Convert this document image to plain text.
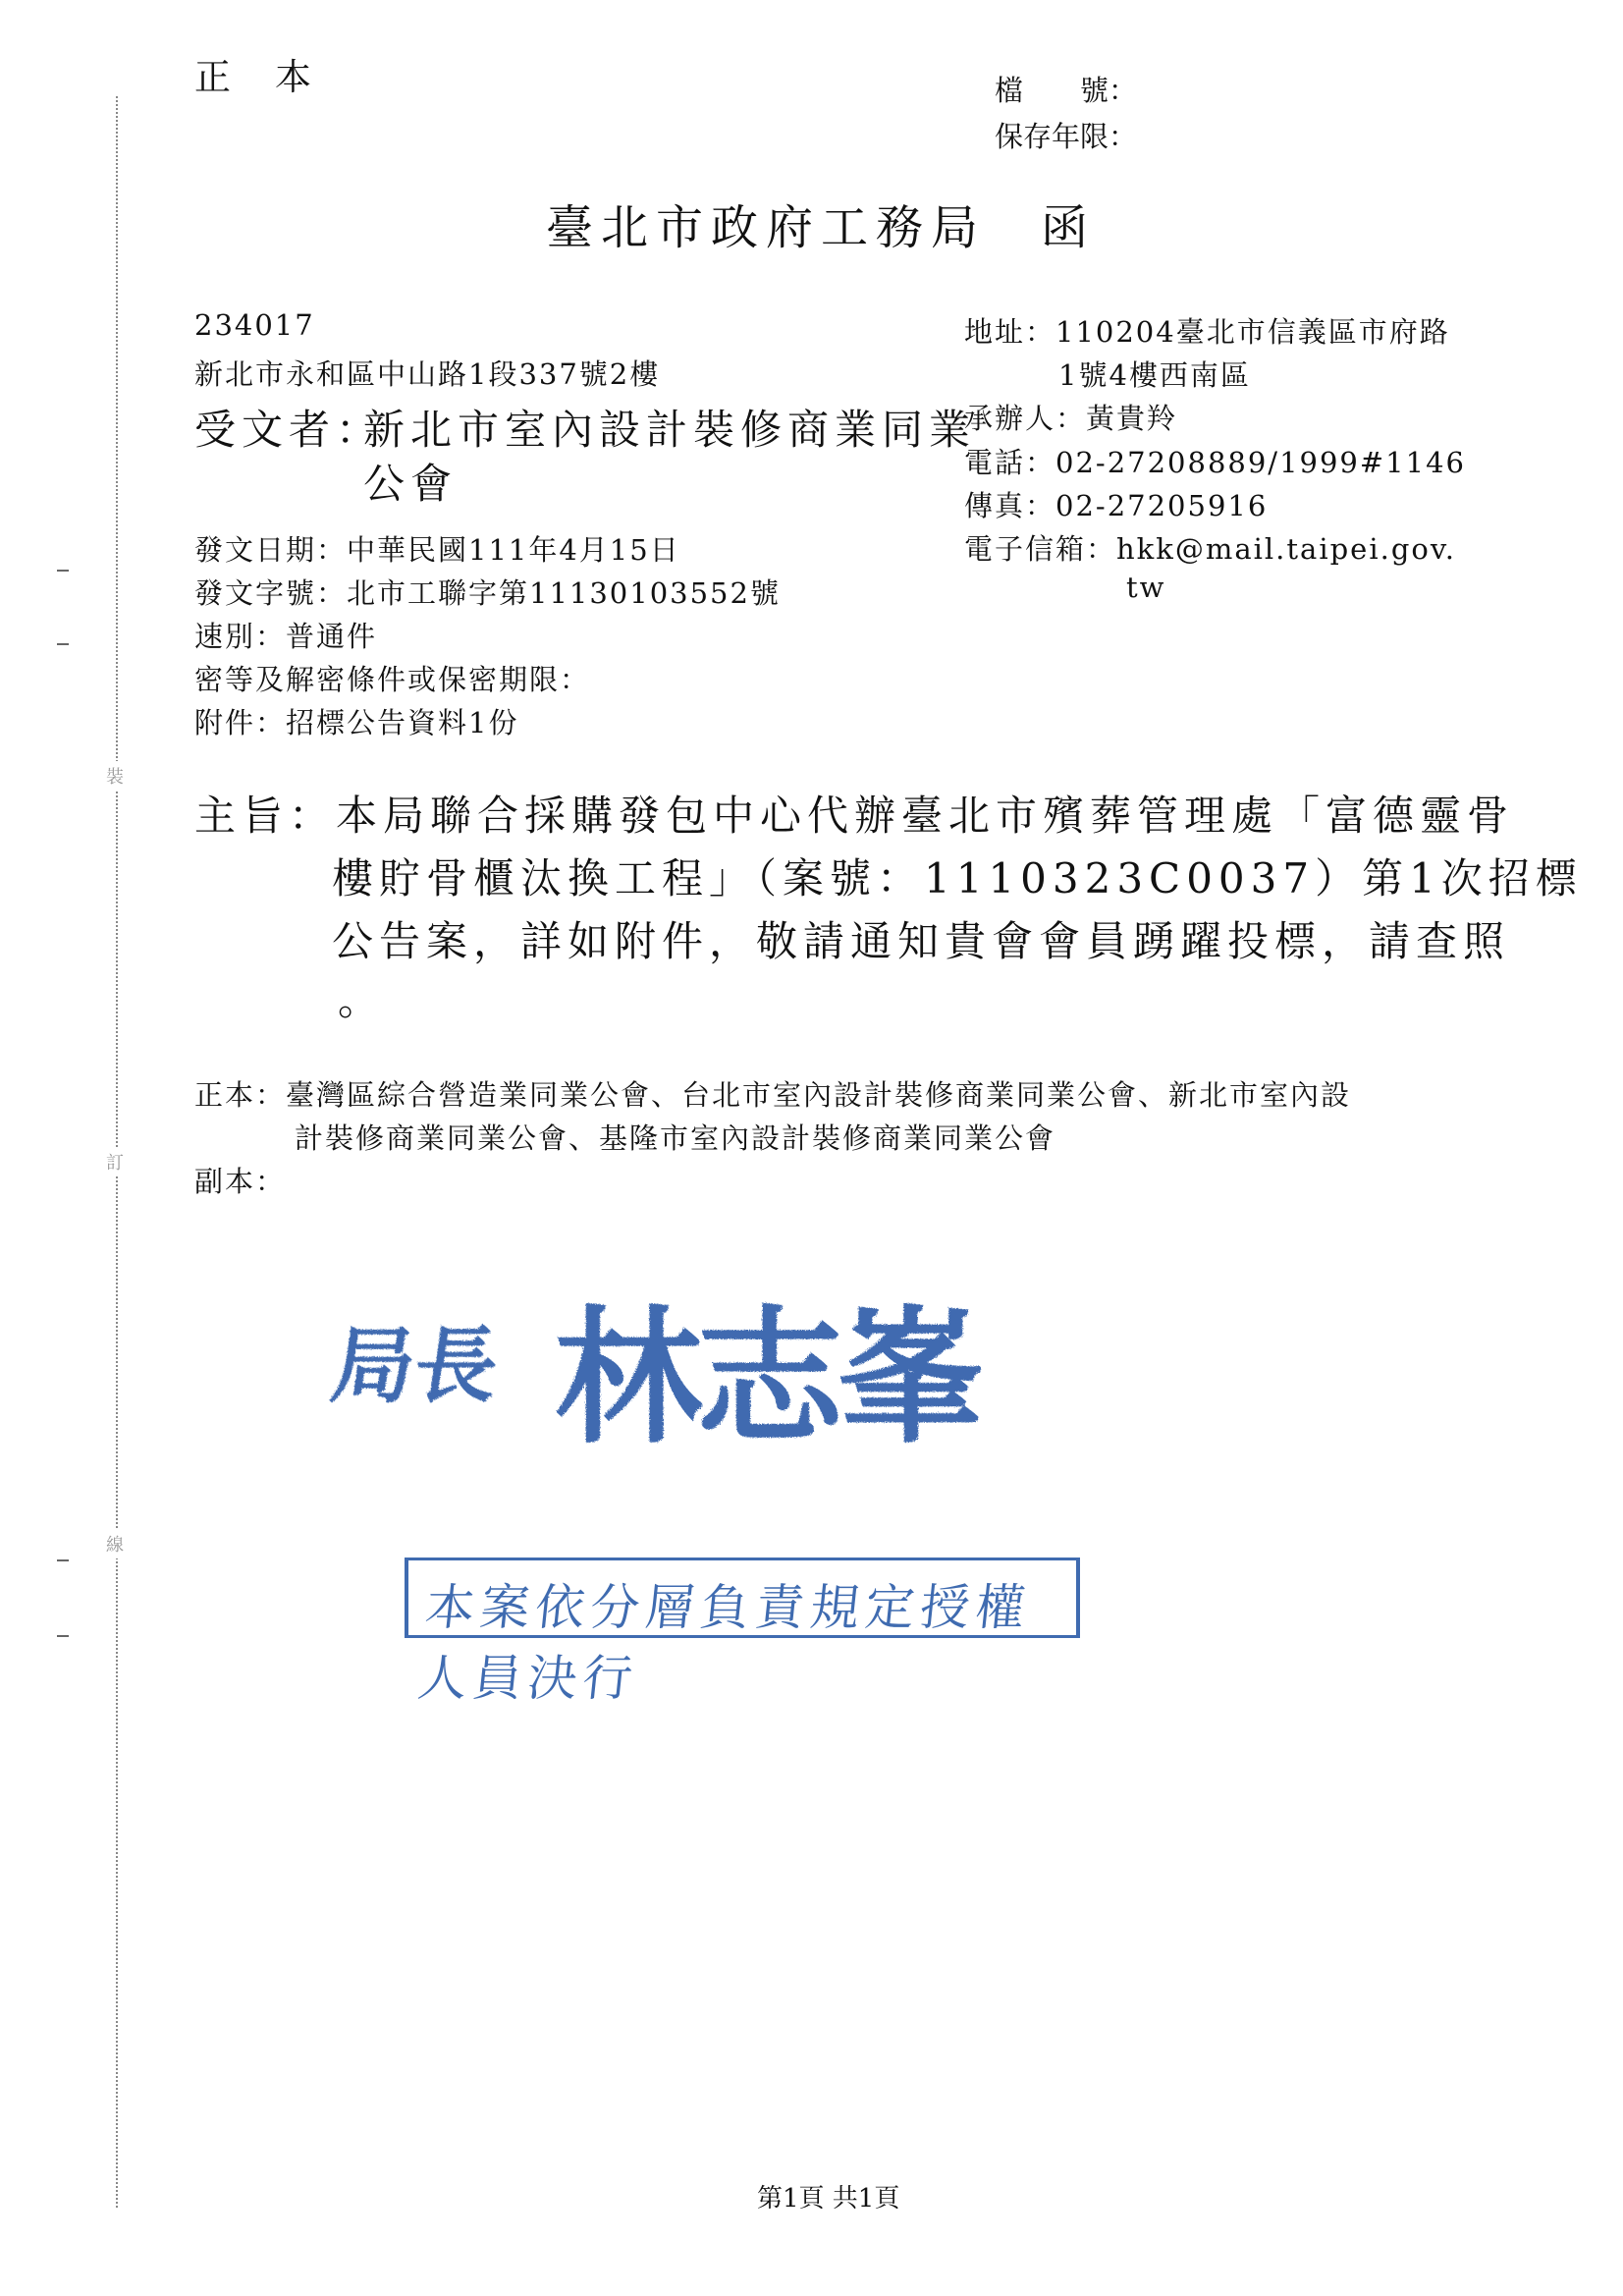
裝
訂
線
正　本	檔　　號：
保存年限：
臺北市政府工務局　函
234017
新北市永和區中山路1段337號2樓
受文者：
新北市室內設計裝修商業同業
公會
地址：110204臺北市信義區市府路
1號4樓西南區
承辦人：黃貴羚
電話：02-27208889/1999#1146
傳真：02-27205916
電子信箱：hkk@mail.taipei.gov.
tw
發文日期：中華民國111年4月15日
發文字號：北市工聯字第11130103552號
速別：普通件
密等及解密條件或保密期限：
附件：招標公告資料1份
主旨：本局聯合採購發包中心代辦臺北市殯葬管理處「富德靈骨
樓貯骨櫃汰換工程」（案號：1110323C0037）第1次招標
公告案，詳如附件，敬請通知貴會會員踴躍投標，請查照
。
正本：臺灣區綜合營造業同業公會、台北市室內設計裝修商業同業公會、新北市室內設
計裝修商業同業公會、基隆市室內設計裝修商業同業公會
副本：
局長 林志峯
本案依分層負責規定授權人員決行
第1頁 共1頁
